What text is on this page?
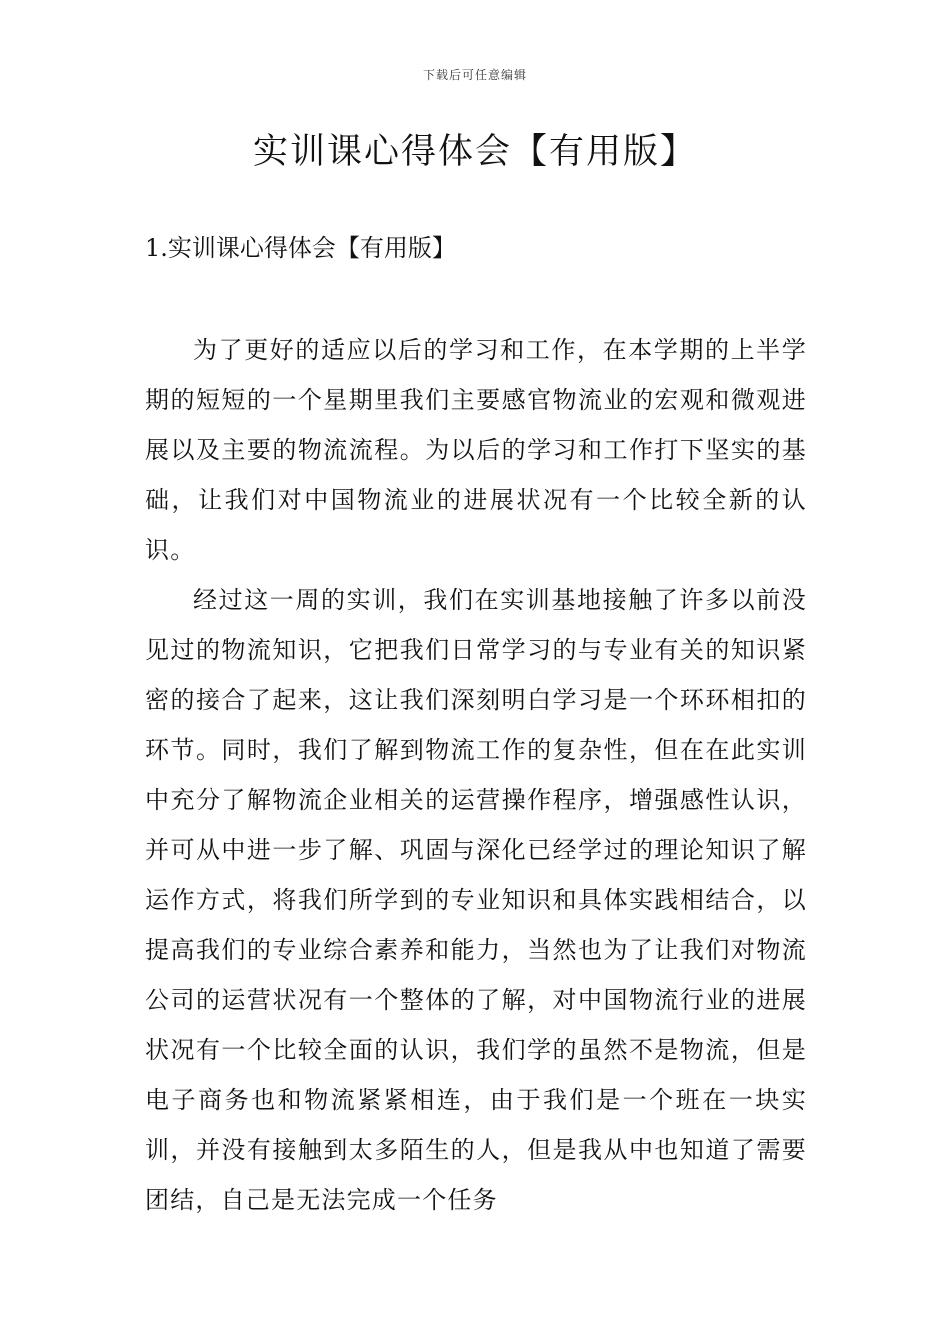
下载后可任意编辑
实训课心得体会【有用版】
1.实训课心得体会【有用版】

为了更好的适应以后的学习和工作，在本学期的上半学期的短短的一个星期里我们主要感官物流业的宏观和微观进展以及主要的物流流程。为以后的学习和工作打下坚实的基础，让我们对中国物流业的进展状况有一个比较全新的认识。

经过这一周的实训，我们在实训基地接触了许多以前没见过的物流知识，它把我们日常学习的与专业有关的知识紧密的接合了起来，这让我们深刻明白学习是一个环环相扣的环节。同时，我们了解到物流工作的复杂性，但在在此实训中充分了解物流企业相关的运营操作程序，增强感性认识，并可从中进一步了解、巩固与深化已经学过的理论知识了解运作方式，将我们所学到的专业知识和具体实践相结合，以提高我们的专业综合素养和能力，当然也为了让我们对物流公司的运营状况有一个整体的了解，对中国物流行业的进展状况有一个比较全面的认识，我们学的虽然不是物流，但是电子商务也和物流紧紧相连，由于我们是一个班在一块实训，并没有接触到太多陌生的人，但是我从中也知道了需要团结，自己是无法完成一个任务
